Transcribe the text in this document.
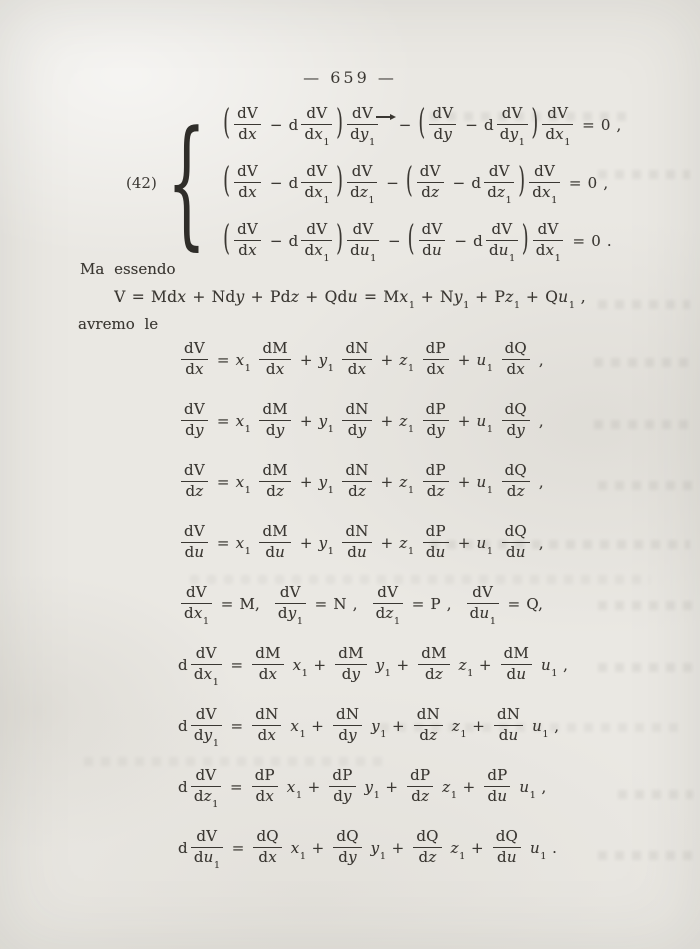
— 659 —
(42) { ( $\frac{dV}{dx} - d \frac{dV}{dx_1}$ ) $\frac{dV}{dy_1}$ − ( $\frac{dV}{dy} - d \frac{dV}{dy_1}$ ) $\frac{dV}{dx_1} = 0$ ,
( $\frac{dV}{dx} - d \frac{dV}{dx_1}$ ) $\frac{dV}{dz_1}$ − ( $\frac{dV}{dz} - d \frac{dV}{dz_1}$ ) $\frac{dV}{dx_1} = 0$ ,
( $\frac{dV}{dx} - d \frac{dV}{dx_1}$ ) $\frac{dV}{du_1}$ − ( $\frac{dV}{du} - d \frac{dV}{du_1}$ ) $\frac{dV}{dx_1} = 0$ .
Ma essendo
V = Mdx + Ndy + Pdz + Qdu = $Mx_1 + Ny_1 + Pz_1 + Qu_1$ ,
avremo le
$\frac{dV}{dx} = x_1 \frac{dM}{dx} + y_1 \frac{dN}{dx} + z_1 \frac{dP}{dx} + u_1 \frac{dQ}{dx}$ ,
$\frac{dV}{dy} = x_1 \frac{dM}{dy} + y_1 \frac{dN}{dy} + z_1 \frac{dP}{dy} + u_1 \frac{dQ}{dy}$ ,
$\frac{dV}{dz} = x_1 \frac{dM}{dz} + y_1 \frac{dN}{dz} + z_1 \frac{dP}{dz} + u_1 \frac{dQ}{dz}$ ,
$\frac{dV}{du} = x_1 \frac{dM}{du} + y_1 \frac{dN}{du} + z_1 \frac{dP}{du} + u_1 \frac{dQ}{du}$ ,
$\frac{dV}{dx_1} = M$, $\frac{dV}{dy_1} = N$ , $\frac{dV}{dz_1} = P$ , $\frac{dV}{du_1} = Q$,
d $\frac{dV}{dx_1} = \frac{dM}{dx} x_1 + \frac{dM}{dy} y_1 + \frac{dM}{dz} z_1 + \frac{dM}{du} u_1$ ,
d $\frac{dV}{dy_1} = \frac{dN}{dx} x_1 + \frac{dN}{dy} y_1 + \frac{dN}{dz} z_1 + \frac{dN}{du} u_1$ ,
d $\frac{dV}{dz_1} = \frac{dP}{dx} x_1 + \frac{dP}{dy} y_1 + \frac{dP}{dz} z_1 + \frac{dP}{du} u_1$ ,
d $\frac{dV}{du_1} = \frac{dQ}{dx} x_1 + \frac{dQ}{dy} y_1 + \frac{dQ}{dz} z_1 + \frac{dQ}{du} u_1$ .
